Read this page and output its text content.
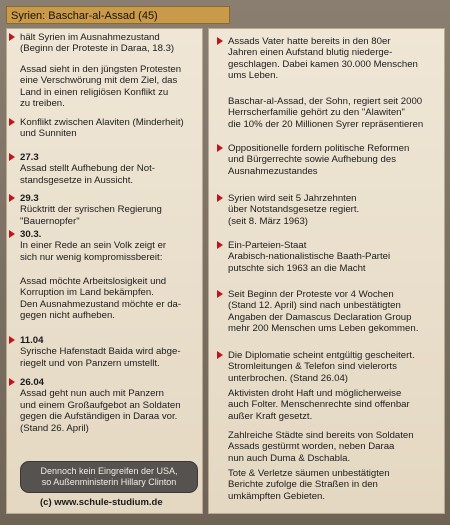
Syrien: Baschar-al-Assad (45)

hält Syrien im Ausnahmezustand

(Beginn der Proteste in Daraa, 18.3)

Assad sieht in den jüngsten Protesten

eine Verschwörung mit dem Ziel, das

Land in einen religiösen Konflikt zu

zu treiben.

Konflikt zwischen Alaviten (Minderheit)

und Sunniten

27.3

Assad stellt Aufhebung der Not-

standsgesetze in Aussicht.

29.3

Rücktritt der syrischen Regierung

"Bauernopfer"

30.3.

In einer Rede an sein Volk zeigt er

sich nur wenig kompromissbereit:

Assad möchte Arbeitslosigkeit und

Korruption im Land bekämpfen.

Den Ausnahmezustand möchte er da-

gegen nicht aufheben.

11.04

Syrische Hafenstadt Baida wird abge-

riegelt und von Panzern umstellt.

26.04

Assad geht nun auch mit Panzern

und einem Großaufgebot an Soldaten

gegen die Aufständigen in Daraa vor.

(Stand 26. April)

Assads Vater hatte bereits in den 80er

Jahren einen Aufstand blutig niederge-

geschlagen. Dabei kamen 30.000 Menschen

ums Leben.

Baschar-al-Assad, der Sohn, regiert seit 2000

Herrscherfamilie gehört zu den "Alawiten"

die 10% der 20 Millionen Syrer repräsentieren

Oppositionelle fordern politische Reformen

und Bürgerrechte sowie Aufhebung des

Ausnahmezustandes

Syrien wird seit 5 Jahrzehnten

über Notstandsgesetze regiert.

(seit 8. März 1963)

Ein-Parteien-Staat

Arabisch-nationalistische Baath-Partei

putschte sich 1963 an die Macht

Seit Beginn der Proteste vor 4 Wochen

(Stand 12. April) sind nach unbestätigten

Angaben der Damascus Declaration Group

mehr 200 Menschen ums Leben gekommen.

Die Diplomatie scheint entgültig gescheitert.

Stromleitungen & Telefon sind vielerorts

unterbrochen. (Stand 26.04)

Aktivisten droht Haft und möglicherweise

auch Folter. Menschenrechte sind offenbar

außer Kraft gesetzt.

Zahlreiche Städte sind bereits von Soldaten

Assads gestürmt worden, neben Daraa

nun auch Duma & Dschabla.

Tote & Verletze säumen unbestätigten

Berichte zufolge die Straßen in den

umkämpften Gebieten.

Dennoch kein Eingreifen der USA,
so Außenministerin Hillary Clinton
(c) www.schule-studium.de
